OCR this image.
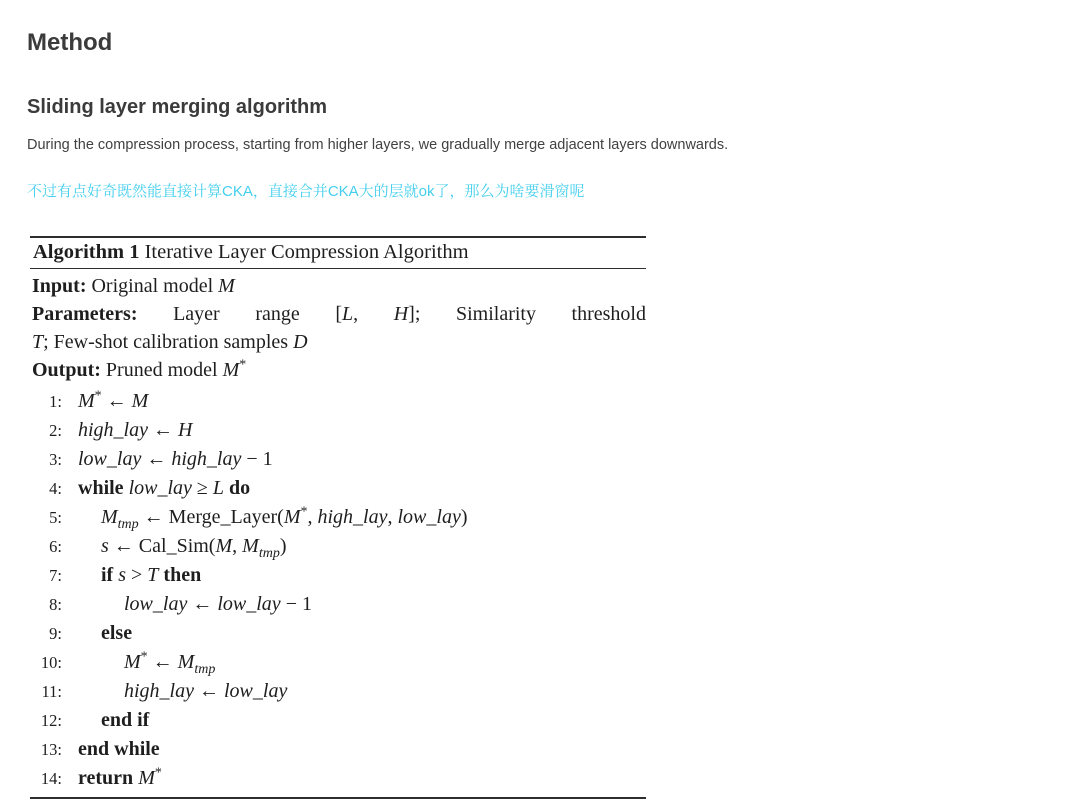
Method
Sliding layer merging algorithm

During the compression process, starting from higher layers, we gradually merge adjacent layers downwards.

不过有点好奇既然能直接计算CKA，直接合并CKA大的层就ok了，那么为啥要滑窗呢

Algorithm 1 Iterative Layer Compression Algorithm
Input: Original model M
Parameters: Layer range [L, H]; Similarity threshold
T; Few-shot calibration samples D
Output: Pruned model M*
1: M* ← M
2: high_lay ← H
3: low_lay ← high_lay − 1
4: while low_lay ≥ L do
5:	$M_{tmp}$ ← Merge_Layer(M*, high_lay, low_lay)
6:	s ← Cal_Sim(M, $M_{tmp}$)
7:	if s > T then
8:	low_lay ← low_lay − 1
9:	else
10:	M* ← $M_{tmp}$
11:	high_lay ← low_lay
12:	end if
13: end while
14: return M*
